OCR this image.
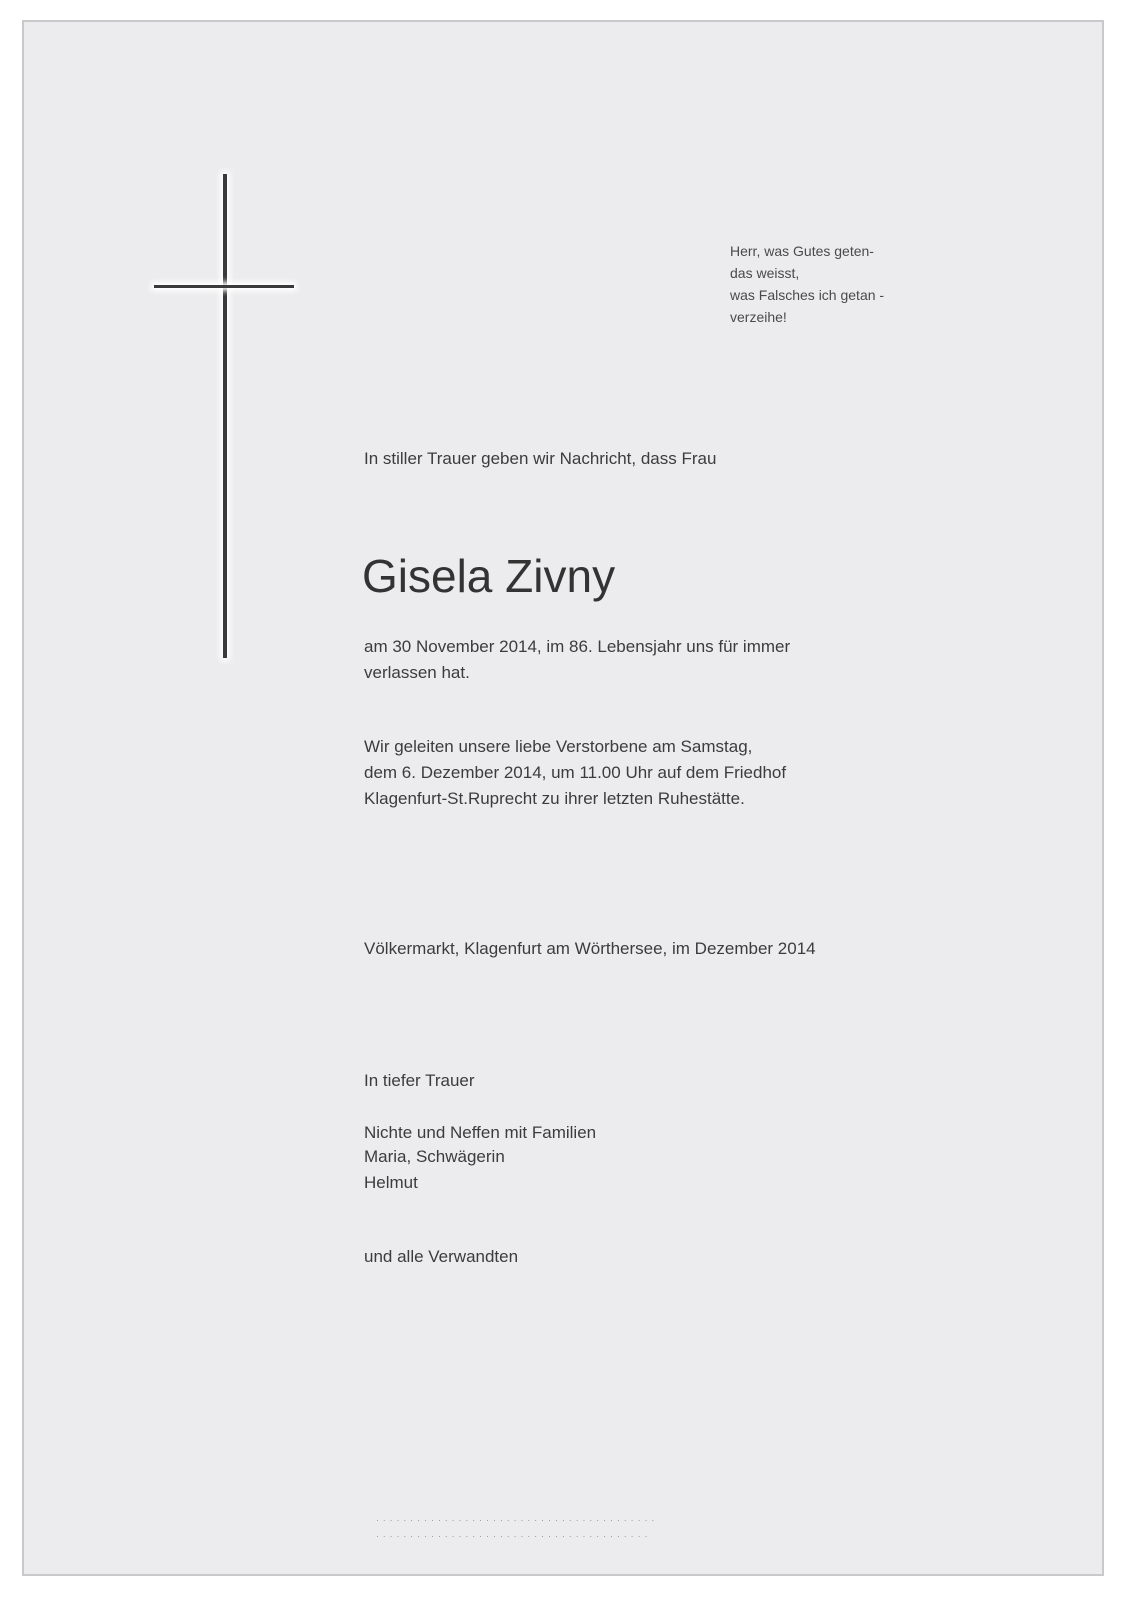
Herr, was Gutes geten-
das weisst,
was Falsches ich getan -
verzeihe!
In stiller Trauer geben wir Nachricht, dass Frau
Gisela Zivny
am 30 November 2014, im 86. Lebensjahr uns für immer
verlassen hat.
Wir geleiten unsere liebe Verstorbene am Samstag,
dem 6. Dezember 2014, um 11.00 Uhr auf dem Friedhof
Klagenfurt-St.Ruprecht zu ihrer letzten Ruhestätte.
Völkermarkt, Klagenfurt am Wörthersee, im Dezember 2014
In tiefer Trauer
Nichte und Neffen mit Familien
Maria, Schwägerin
Helmut
und alle Verwandten
· · · · · · · · · · · · · · · · · · · · · · · · · · · · · · · · · · · · · · · · ·
· · · · · · · · · · · · · · · · · · · · · · · · · · · · · · · · · · · · · · · ·
